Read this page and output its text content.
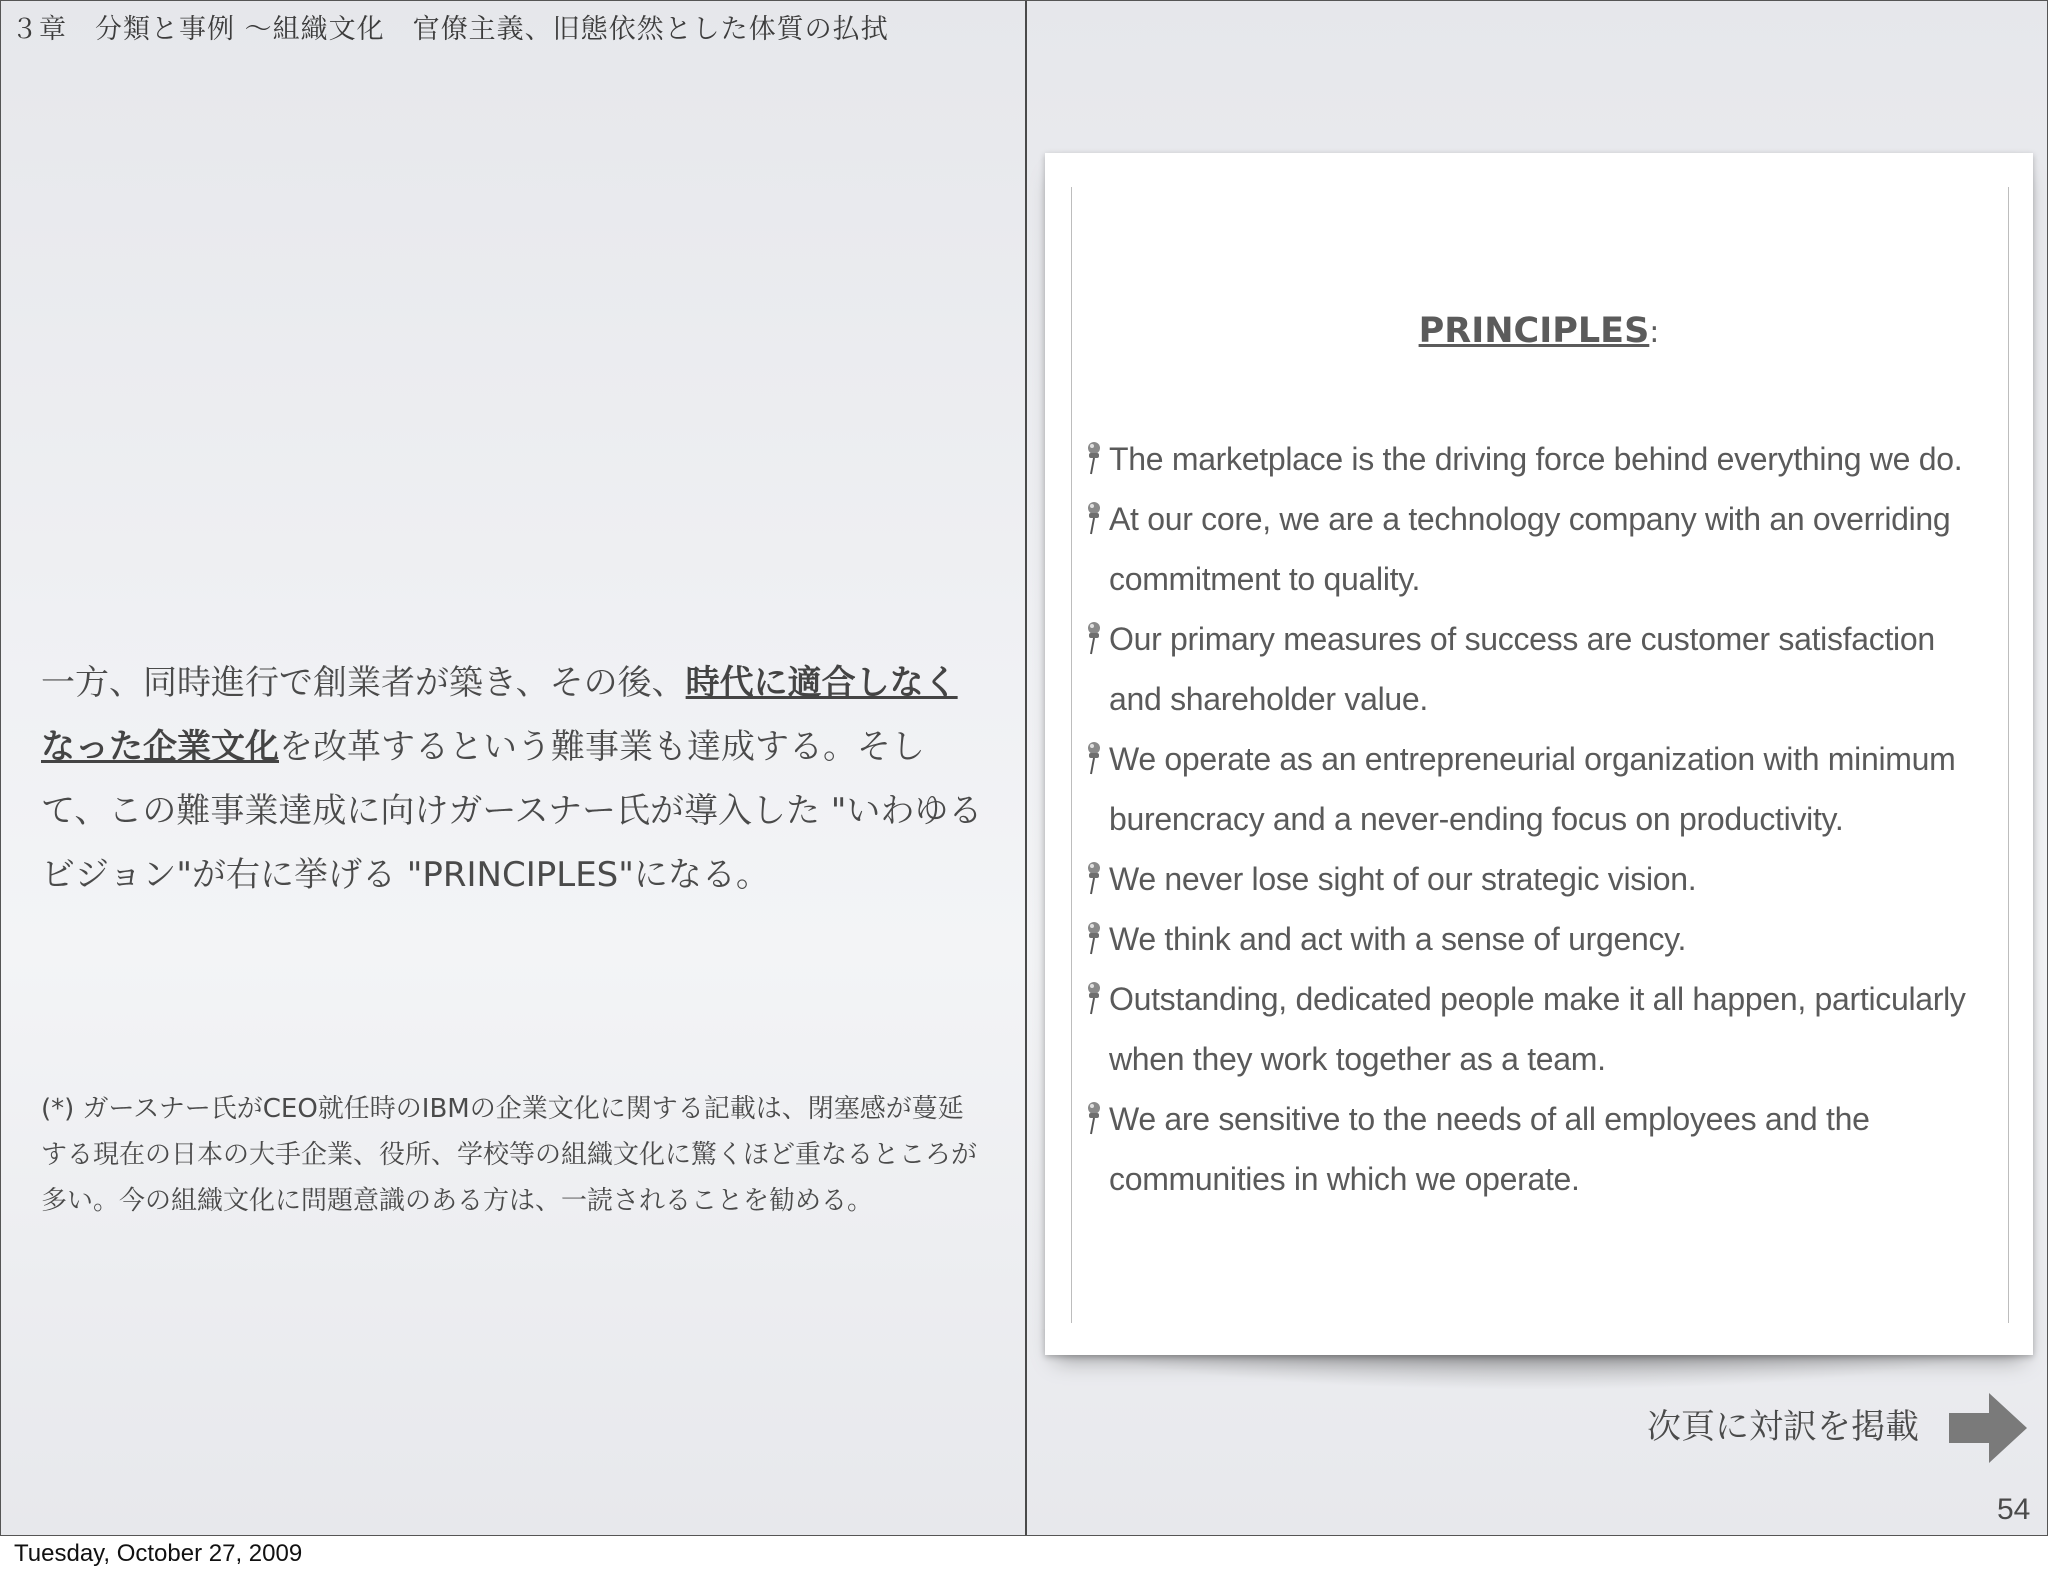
３章　分類と事例 〜組織文化　官僚主義、旧態依然とした体質の払拭
一方、同時進行で創業者が築き、その後、時代に適合しなくなった企業文化を改革するという難事業も達成する。そして、この難事業達成に向けガースナー氏が導入した "いわゆるビジョン"が右に挙げる "PRINCIPLES"になる。
(*) ガースナー氏がCEO就任時のIBMの企業文化に関する記載は、閉塞感が蔓延する現在の日本の大手企業、役所、学校等の組織文化に驚くほど重なるところが多い。今の組織文化に問題意識のある方は、一読されることを勧める。
PRINCIPLES:
The marketplace is the driving force behind everything we do.
At our core, we are a technology company with an overriding
commitment to quality.
Our primary measures of success are customer satisfaction
and shareholder value.
We operate as an entrepreneurial organization with minimum
burencracy and a never-ending focus on productivity.
We never lose sight of our strategic vision.
We think and act with a sense of urgency.
Outstanding, dedicated people make it all happen, particularly
when they work together as a team.
We are sensitive to the needs of all employees and the
communities in which we operate.
次頁に対訳を掲載
54
Tuesday, October 27, 2009
